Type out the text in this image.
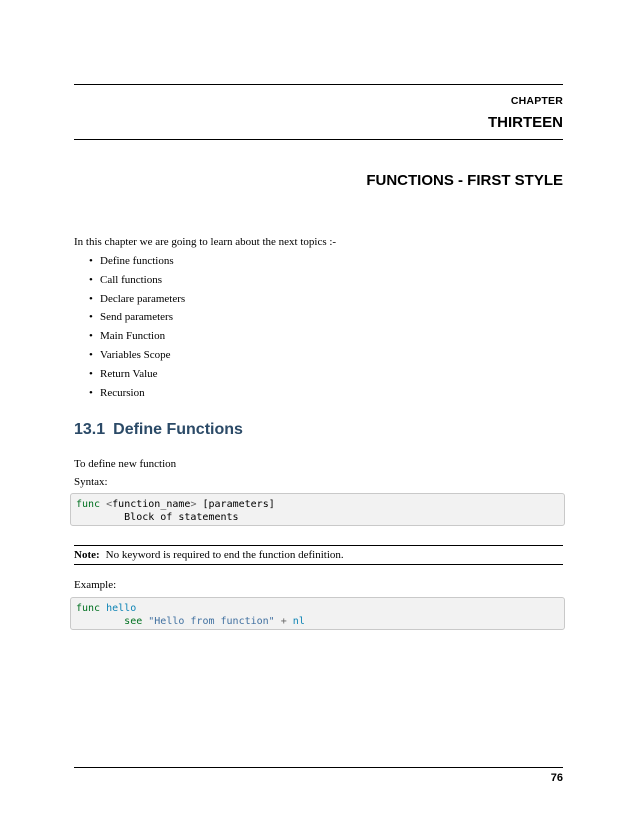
CHAPTER
THIRTEEN
FUNCTIONS - FIRST STYLE
In this chapter we are going to learn about the next topics :-
• Define functions
• Call functions
• Declare parameters
• Send parameters
• Main Function
• Variables Scope
• Return Value
• Recursion
13.1 Define Functions
To define new function
Syntax:
func <function_name> [parameters]
Block of statements
Note: No keyword is required to end the function definition.
Example:
func hello
see "Hello from function" + nl
76
